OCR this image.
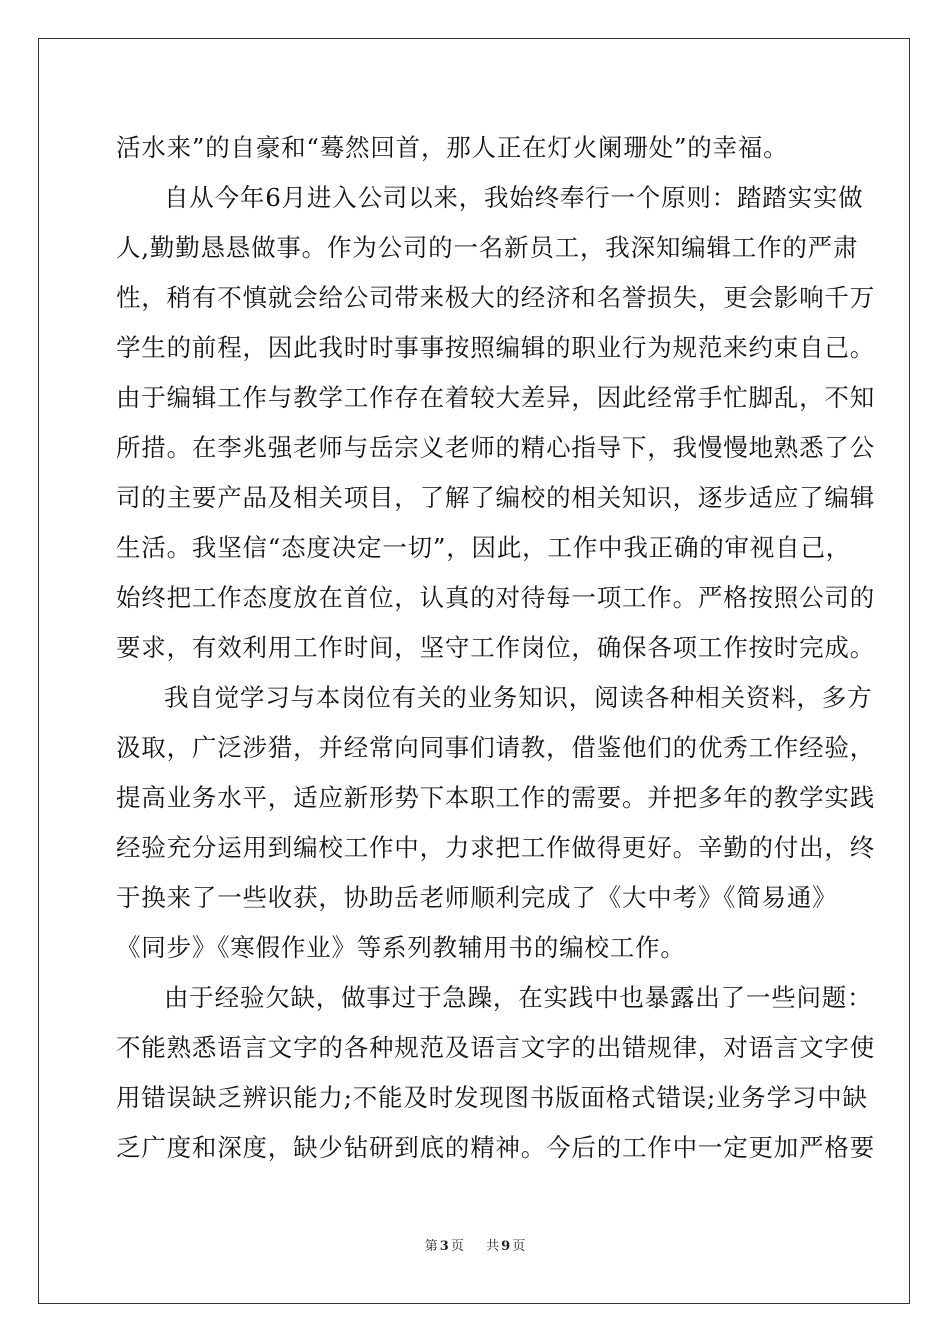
活水来”的自豪和“蓦然回首，那人正在灯火阑珊处”的幸福。
自从今年6月进入公司以来，我始终奉行一个原则：踏踏实实做
人,勤勤恳恳做事。作为公司的一名新员工，我深知编辑工作的严肃
性，稍有不慎就会给公司带来极大的经济和名誉损失，更会影响千万
学生的前程，因此我时时事事按照编辑的职业行为规范来约束自己。
由于编辑工作与教学工作存在着较大差异，因此经常手忙脚乱，不知
所措。在李兆强老师与岳宗义老师的精心指导下，我慢慢地熟悉了公
司的主要产品及相关项目，了解了编校的相关知识，逐步适应了编辑
生活。我坚信“态度决定一切”，因此，工作中我正确的审视自己，
始终把工作态度放在首位，认真的对待每一项工作。严格按照公司的
要求，有效利用工作时间，坚守工作岗位，确保各项工作按时完成。
我自觉学习与本岗位有关的业务知识，阅读各种相关资料，多方
汲取，广泛涉猎，并经常向同事们请教，借鉴他们的优秀工作经验，
提高业务水平，适应新形势下本职工作的需要。并把多年的教学实践
经验充分运用到编校工作中，力求把工作做得更好。辛勤的付出，终
于换来了一些收获，协助岳老师顺利完成了《大中考》《简易通》
《同步》《寒假作业》等系列教辅用书的编校工作。
由于经验欠缺，做事过于急躁，在实践中也暴露出了一些问题：
不能熟悉语言文字的各种规范及语言文字的出错规律，对语言文字使
用错误缺乏辨识能力;不能及时发现图书版面格式错误;业务学习中缺
乏广度和深度，缺少钻研到底的精神。今后的工作中一定更加严格要
第 3 页 共 9 页
